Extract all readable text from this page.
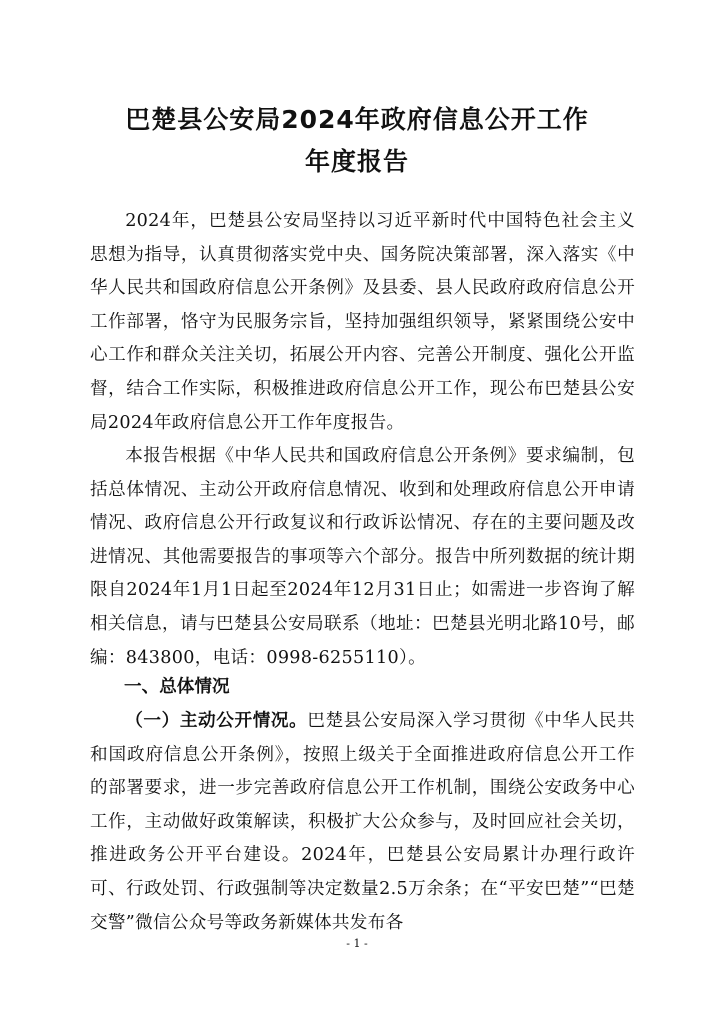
巴楚县公安局2024年政府信息公开工作
年度报告
2024年，巴楚县公安局坚持以习近平新时代中国特色社会主义思想为指导，认真贯彻落实党中央、国务院决策部署，深入落实《中华人民共和国政府信息公开条例》及县委、县人民政府政府信息公开工作部署，恪守为民服务宗旨，坚持加强组织领导，紧紧围绕公安中心工作和群众关注关切，拓展公开内容、完善公开制度、强化公开监督，结合工作实际，积极推进政府信息公开工作，现公布巴楚县公安局2024年政府信息公开工作年度报告。
本报告根据《中华人民共和国政府信息公开条例》要求编制，包括总体情况、主动公开政府信息情况、收到和处理政府信息公开申请情况、政府信息公开行政复议和行政诉讼情况、存在的主要问题及改进情况、其他需要报告的事项等六个部分。报告中所列数据的统计期限自2024年1月1日起至2024年12月31日止；如需进一步咨询了解相关信息，请与巴楚县公安局联系（地址：巴楚县光明北路10号，邮编：843800，电话：0998-6255110）。
一、总体情况
（一）主动公开情况。巴楚县公安局深入学习贯彻《中华人民共和国政府信息公开条例》，按照上级关于全面推进政府信息公开工作的部署要求，进一步完善政府信息公开工作机制，围绕公安政务中心工作，主动做好政策解读，积极扩大公众参与，及时回应社会关切，推进政务公开平台建设。2024年，巴楚县公安局累计办理行政许可、行政处罚、行政强制等决定数量2.5万余条；在“平安巴楚”“巴楚交警”微信公众号等政务新媒体共发布各
- 1 -
